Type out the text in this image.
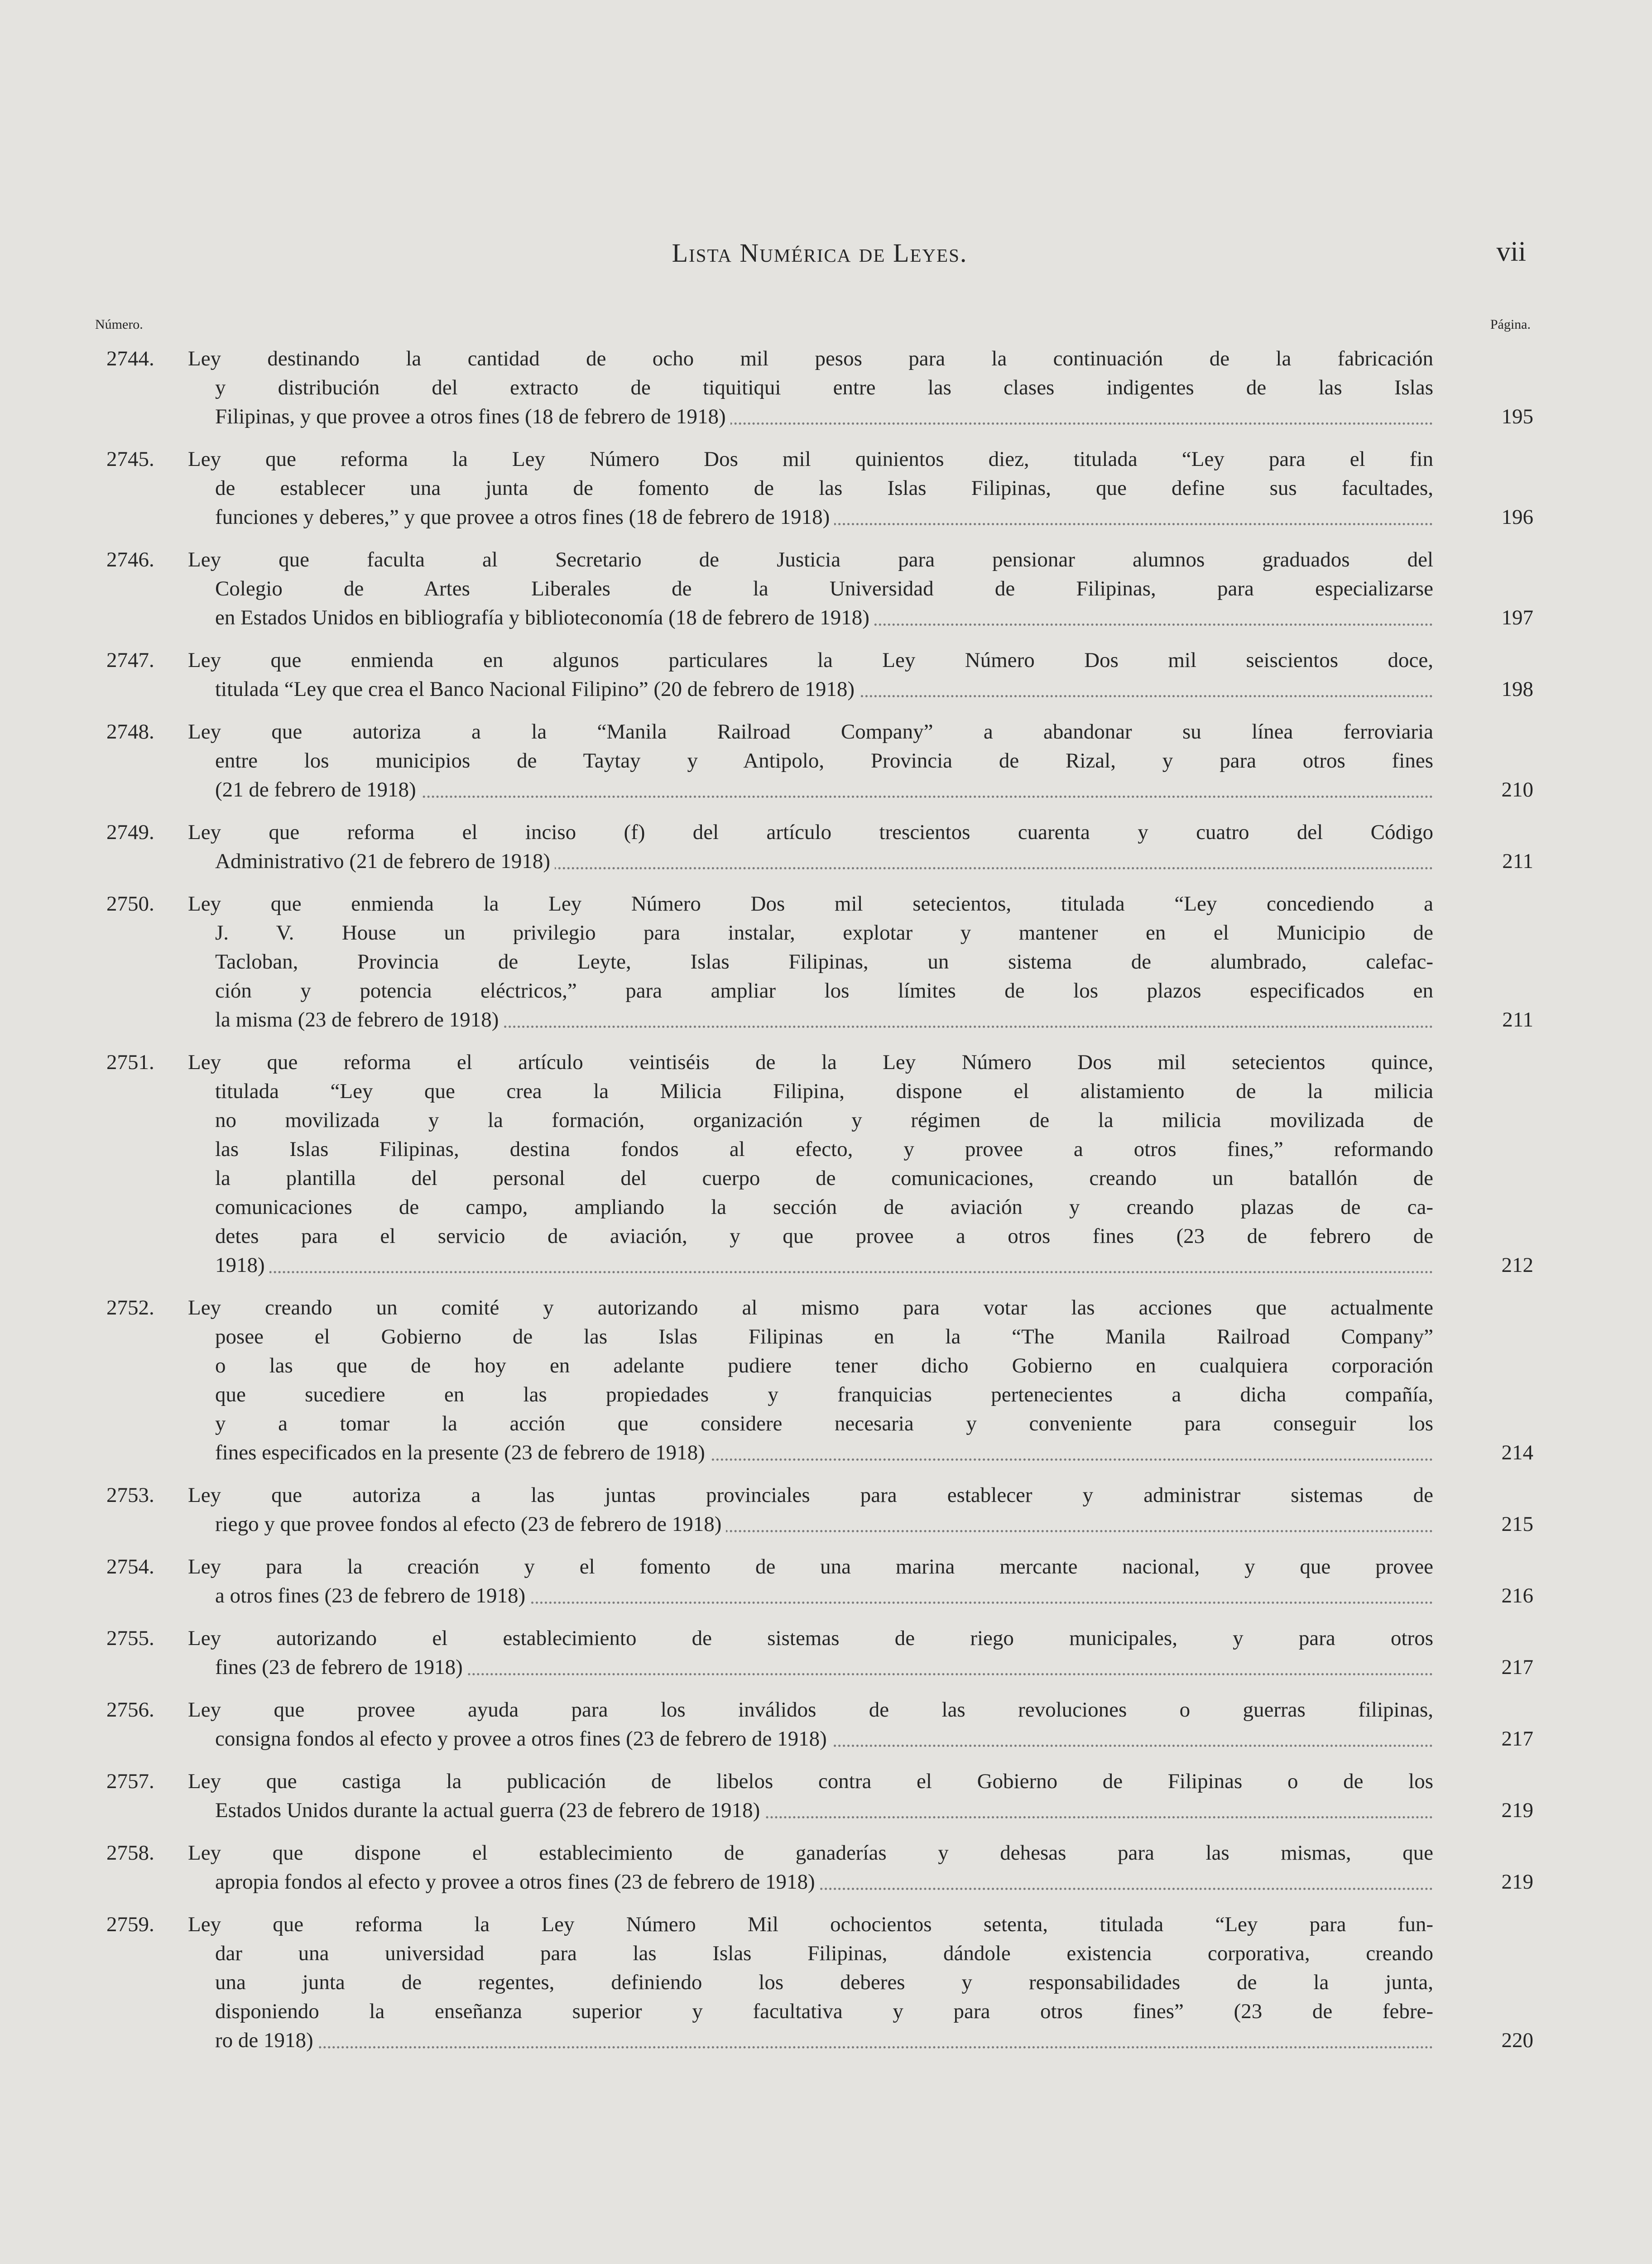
Lista Numérica de Leyes.	vii
Número.	Página.
2744.	Ley destinando la cantidad de ocho mil pesos para la continuación de la fabricación
y distribución del extracto de tiquitiqui entre las clases indigentes de las Islas
Filipinas, y que provee a otros fines (18 de febrero de 1918)	195
2745.	Ley que reforma la Ley Número Dos mil quinientos diez, titulada “Ley para el fin
de establecer una junta de fomento de las Islas Filipinas, que define sus facultades,
funciones y deberes,” y que provee a otros fines (18 de febrero de 1918)	196
2746.	Ley que faculta al Secretario de Justicia para pensionar alumnos graduados del
Colegio de Artes Liberales de la Universidad de Filipinas, para especializarse
en Estados Unidos en bibliografía y biblioteconomía (18 de febrero de 1918)	197
2747.	Ley que enmienda en algunos particulares la Ley Número Dos mil seiscientos doce,
titulada “Ley que crea el Banco Nacional Filipino” (20 de febrero de 1918)	198
2748.	Ley que autoriza a la “Manila Railroad Company” a abandonar su línea ferroviaria
entre los municipios de Taytay y Antipolo, Provincia de Rizal, y para otros fines
(21 de febrero de 1918)	210
2749.	Ley que reforma el inciso (f) del artículo trescientos cuarenta y cuatro del Código
Administrativo (21 de febrero de 1918)	211
2750.	Ley que enmienda la Ley Número Dos mil setecientos, titulada “Ley concediendo a
J. V. House un privilegio para instalar, explotar y mantener en el Municipio de
Tacloban, Provincia de Leyte, Islas Filipinas, un sistema de alumbrado, calefac-
ción y potencia eléctricos,” para ampliar los límites de los plazos especificados en
la misma (23 de febrero de 1918)	211
2751.	Ley que reforma el artículo veintiséis de la Ley Número Dos mil setecientos quince,
titulada “Ley que crea la Milicia Filipina, dispone el alistamiento de la milicia
no movilizada y la formación, organización y régimen de la milicia movilizada de
las Islas Filipinas, destina fondos al efecto, y provee a otros fines,” reformando
la plantilla del personal del cuerpo de comunicaciones, creando un batallón de
comunicaciones de campo, ampliando la sección de aviación y creando plazas de ca-
detes para el servicio de aviación, y que provee a otros fines (23 de febrero de
1918)	212
2752.	Ley creando un comité y autorizando al mismo para votar las acciones que actualmente
posee el Gobierno de las Islas Filipinas en la “The Manila Railroad Company”
o las que de hoy en adelante pudiere tener dicho Gobierno en cualquiera corporación
que sucediere en las propiedades y franquicias pertenecientes a dicha compañía,
y a tomar la acción que considere necesaria y conveniente para conseguir los
fines especificados en la presente (23 de febrero de 1918)	214
2753.	Ley que autoriza a las juntas provinciales para establecer y administrar sistemas de
riego y que provee fondos al efecto (23 de febrero de 1918)	215
2754.	Ley para la creación y el fomento de una marina mercante nacional, y que provee
a otros fines (23 de febrero de 1918)	216
2755.	Ley autorizando el establecimiento de sistemas de riego municipales, y para otros
fines (23 de febrero de 1918)	217
2756.	Ley que provee ayuda para los inválidos de las revoluciones o guerras filipinas,
consigna fondos al efecto y provee a otros fines (23 de febrero de 1918)	217
2757.	Ley que castiga la publicación de libelos contra el Gobierno de Filipinas o de los
Estados Unidos durante la actual guerra (23 de febrero de 1918)	219
2758.	Ley que dispone el establecimiento de ganaderías y dehesas para las mismas, que
apropia fondos al efecto y provee a otros fines (23 de febrero de 1918)	219
2759.	Ley que reforma la Ley Número Mil ochocientos setenta, titulada “Ley para fun-
dar una universidad para las Islas Filipinas, dándole existencia corporativa, creando
una junta de regentes, definiendo los deberes y responsabilidades de la junta,
disponiendo la enseñanza superior y facultativa y para otros fines” (23 de febre-
ro de 1918)	220
